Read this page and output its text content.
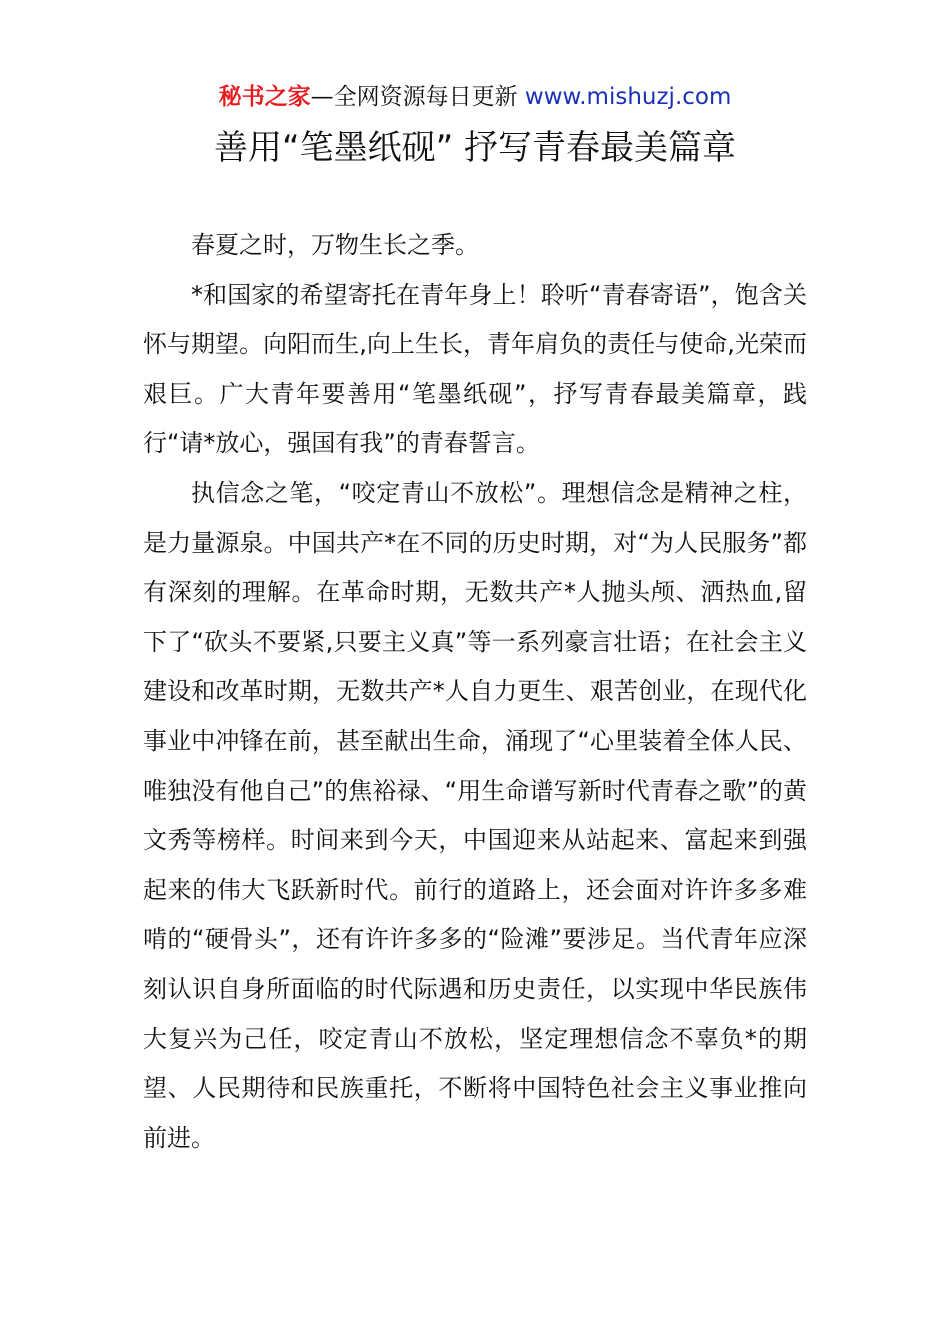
秘书之家—全网资源每日更新 www.mishuzj.com
善用“笔墨纸砚” 抒写青春最美篇章

春夏之时，万物生长之季。

*和国家的希望寄托在青年身上！聆听“青春寄语”，饱含关怀与期望。向阳而生,向上生长，青年肩负的责任与使命,光荣而艰巨。广大青年要善用“笔墨纸砚”，抒写青春最美篇章，践行“请*放心，强国有我”的青春誓言。

执信念之笔，“咬定青山不放松”。理想信念是精神之柱，是力量源泉。中国共产*在不同的历史时期，对“为人民服务”都有深刻的理解。在革命时期，无数共产*人抛头颅、洒热血,留下了“砍头不要紧,只要主义真”等一系列豪言壮语；在社会主义建设和改革时期，无数共产*人自力更生、艰苦创业，在现代化事业中冲锋在前，甚至献出生命，涌现了“心里装着全体人民、唯独没有他自己”的焦裕禄、“用生命谱写新时代青春之歌”的黄文秀等榜样。时间来到今天，中国迎来从站起来、富起来到强起来的伟大飞跃新时代。前行的道路上，还会面对许许多多难啃的“硬骨头”，还有许许多多的“险滩”要涉足。当代青年应深刻认识自身所面临的时代际遇和历史责任，以实现中华民族伟大复兴为己任，咬定青山不放松，坚定理想信念不辜负*的期望、人民期待和民族重托，不断将中国特色社会主义事业推向前进。
